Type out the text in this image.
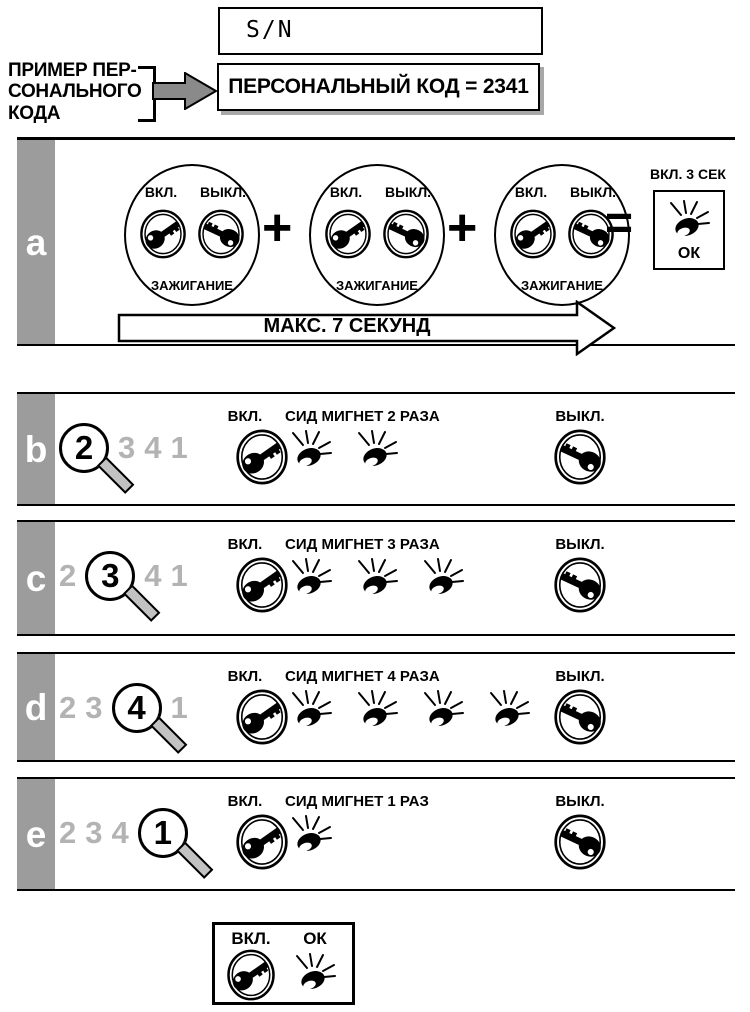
S/N
ПРИМЕР ПЕР-
СОНАЛЬНОГО
КОДА
ПЕРСОНАЛЬНЫЙ КОД = 2341
a
ВКЛ.	ВЫКЛ.
ЗАЖИГАНИЕ
ВКЛ.	ВЫКЛ.
ЗАЖИГАНИЕ
ВКЛ.	ВЫКЛ.
ЗАЖИГАНИЕ
+	+	=
ВКЛ. 3 СЕК
ОК
МАКС. 7 СЕКУНД
b 2 3 4 1
ВКЛ.	СИД МИГНЕТ 2 РАЗА	ВЫКЛ.
c 2 3 4 1
ВКЛ.	СИД МИГНЕТ 3 РАЗА	ВЫКЛ.
d 2 3 4 1
ВКЛ.	СИД МИГНЕТ 4 РАЗА	ВЫКЛ.
e 2 3 4 1
ВКЛ.	СИД МИГНЕТ 1 РАЗ	ВЫКЛ.
ВКЛ.	ОК
